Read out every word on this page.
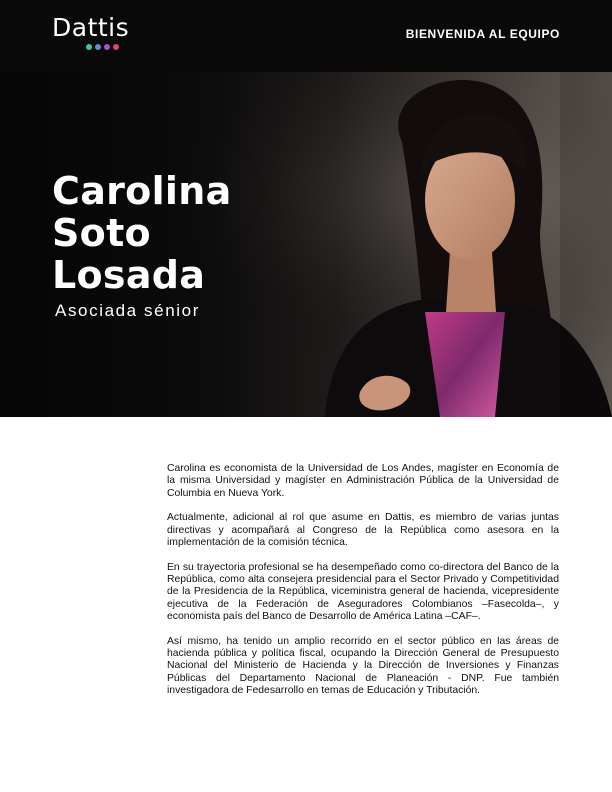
Dattis	BIENVENIDA AL EQUIPO
Carolina
Soto
Losada
Asociada sénior

Carolina es economista de la Universidad de Los Andes, magíster en Economía de la misma Universidad y magíster en Administración Pública de la Universidad de Columbia en Nueva York.

Actualmente, adicional al rol que asume en Dattis, es miembro de varias juntas directivas y acompañará al Congreso de la República como asesora en la implementación de la comisión técnica.

En su trayectoria profesional se ha desempeñado como co-directora del Banco de la República, como alta consejera presidencial para el Sector Privado y Competitividad de la Presidencia de la República, viceministra general de hacienda, vicepresidente ejecutiva de la Federación de Aseguradores Colombianos –Fasecolda–, y economista país del Banco de Desarrollo de América Latina –CAF–.

Así mismo, ha tenido un amplio recorrido en el sector público en las áreas de hacienda pública y política fiscal, ocupando la Dirección General de Presupuesto Nacional del Ministerio de Hacienda y la Dirección de Inversiones y Finanzas Públicas del Departamento Nacional de Planeación - DNP. Fue también investigadora de Fedesarrollo en temas de Educación y Tributación.
